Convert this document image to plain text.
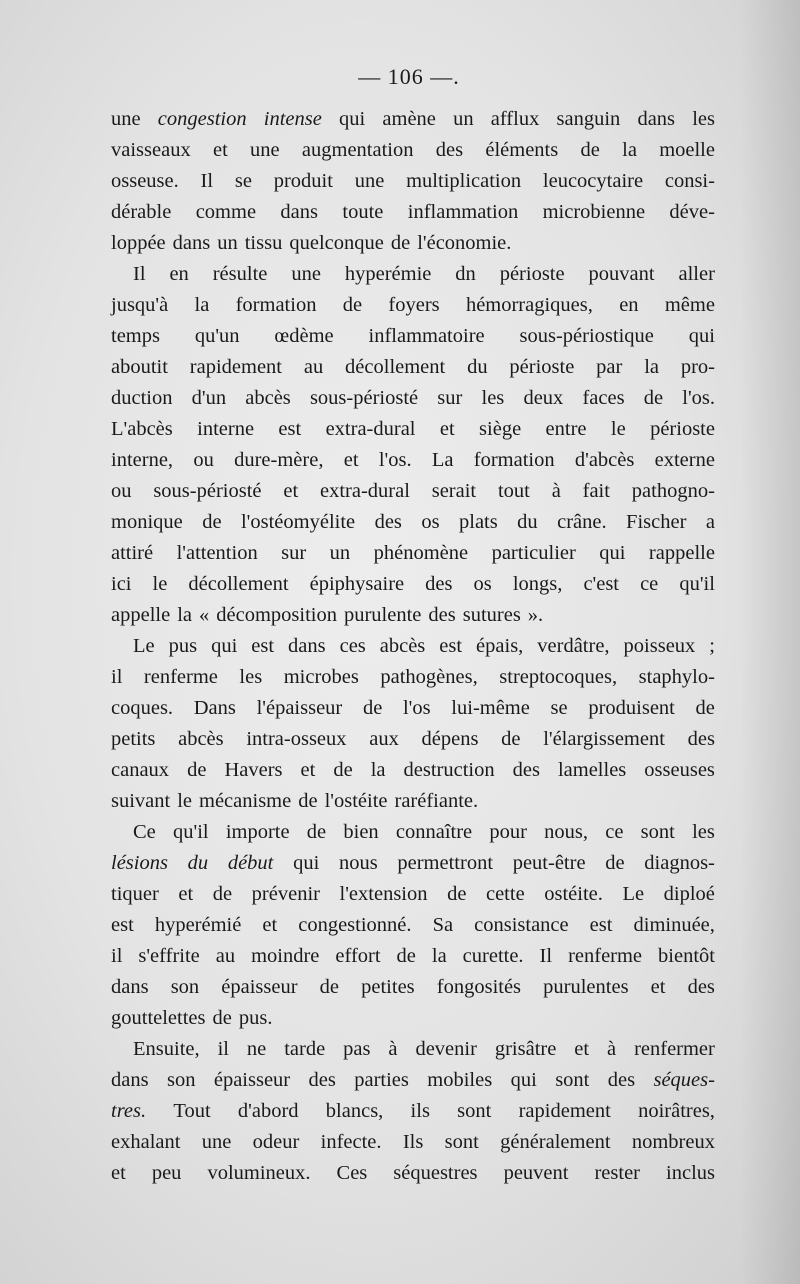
— 106 —.
une congestion intense qui amène un afflux sanguin dans les
vaisseaux et une augmentation des éléments de la moelle
osseuse. Il se produit une multiplication leucocytaire consi-
dérable comme dans toute inflammation microbienne déve-
loppée dans un tissu quelconque de l'économie.
Il en résulte une hyperémie dn périoste pouvant aller
jusqu'à la formation de foyers hémorragiques, en même
temps qu'un œdème inflammatoire sous-périostique qui
aboutit rapidement au décollement du périoste par la pro-
duction d'un abcès sous-périosté sur les deux faces de l'os.
L'abcès interne est extra-dural et siège entre le périoste
interne, ou dure-mère, et l'os. La formation d'abcès externe
ou sous-périosté et extra-dural serait tout à fait pathogno-
monique de l'ostéomyélite des os plats du crâne. Fischer a
attiré l'attention sur un phénomène particulier qui rappelle
ici le décollement épiphysaire des os longs, c'est ce qu'il
appelle la « décomposition purulente des sutures ».
Le pus qui est dans ces abcès est épais, verdâtre, poisseux ;
il renferme les microbes pathogènes, streptocoques, staphylo-
coques. Dans l'épaisseur de l'os lui-même se produisent de
petits abcès intra-osseux aux dépens de l'élargissement des
canaux de Havers et de la destruction des lamelles osseuses
suivant le mécanisme de l'ostéite raréfiante.
Ce qu'il importe de bien connaître pour nous, ce sont les
lésions du début qui nous permettront peut-être de diagnos-
tiquer et de prévenir l'extension de cette ostéite. Le diploé
est hyperémié et congestionné. Sa consistance est diminuée,
il s'effrite au moindre effort de la curette. Il renferme bientôt
dans son épaisseur de petites fongosités purulentes et des
gouttelettes de pus.
Ensuite, il ne tarde pas à devenir grisâtre et à renfermer
dans son épaisseur des parties mobiles qui sont des séques-
tres. Tout d'abord blancs, ils sont rapidement noirâtres,
exhalant une odeur infecte. Ils sont généralement nombreux
et peu volumineux. Ces séquestres peuvent rester inclus
